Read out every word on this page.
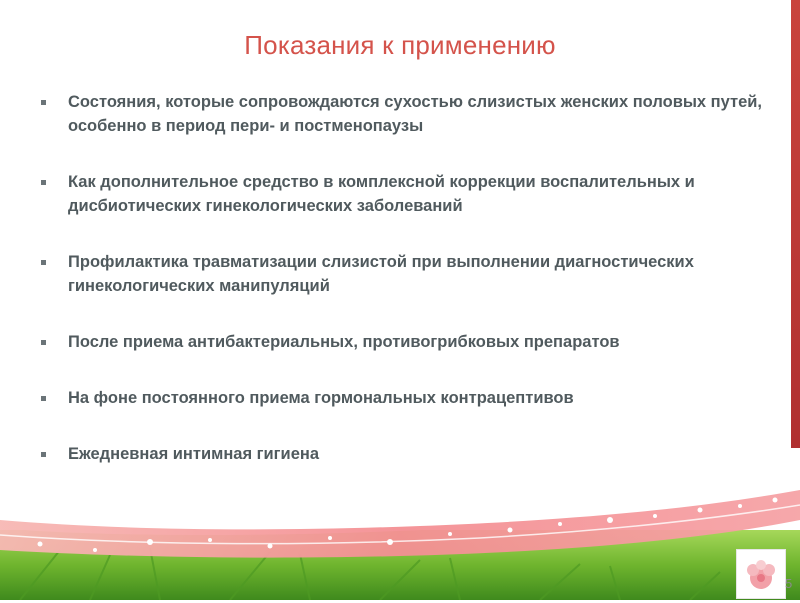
Показания к применению
Состояния, которые сопровождаются сухостью слизистых женских половых путей, особенно в период пери- и постменопаузы
Как дополнительное средство в комплексной коррекции воспалительных и дисбиотических гинекологических заболеваний
Профилактика травматизации слизистой при выполнении диагностических гинекологических манипуляций
После приема антибактериальных, противогрибковых препаратов
На фоне постоянного приема гормональных контрацептивов
Ежедневная интимная гигиена
5
